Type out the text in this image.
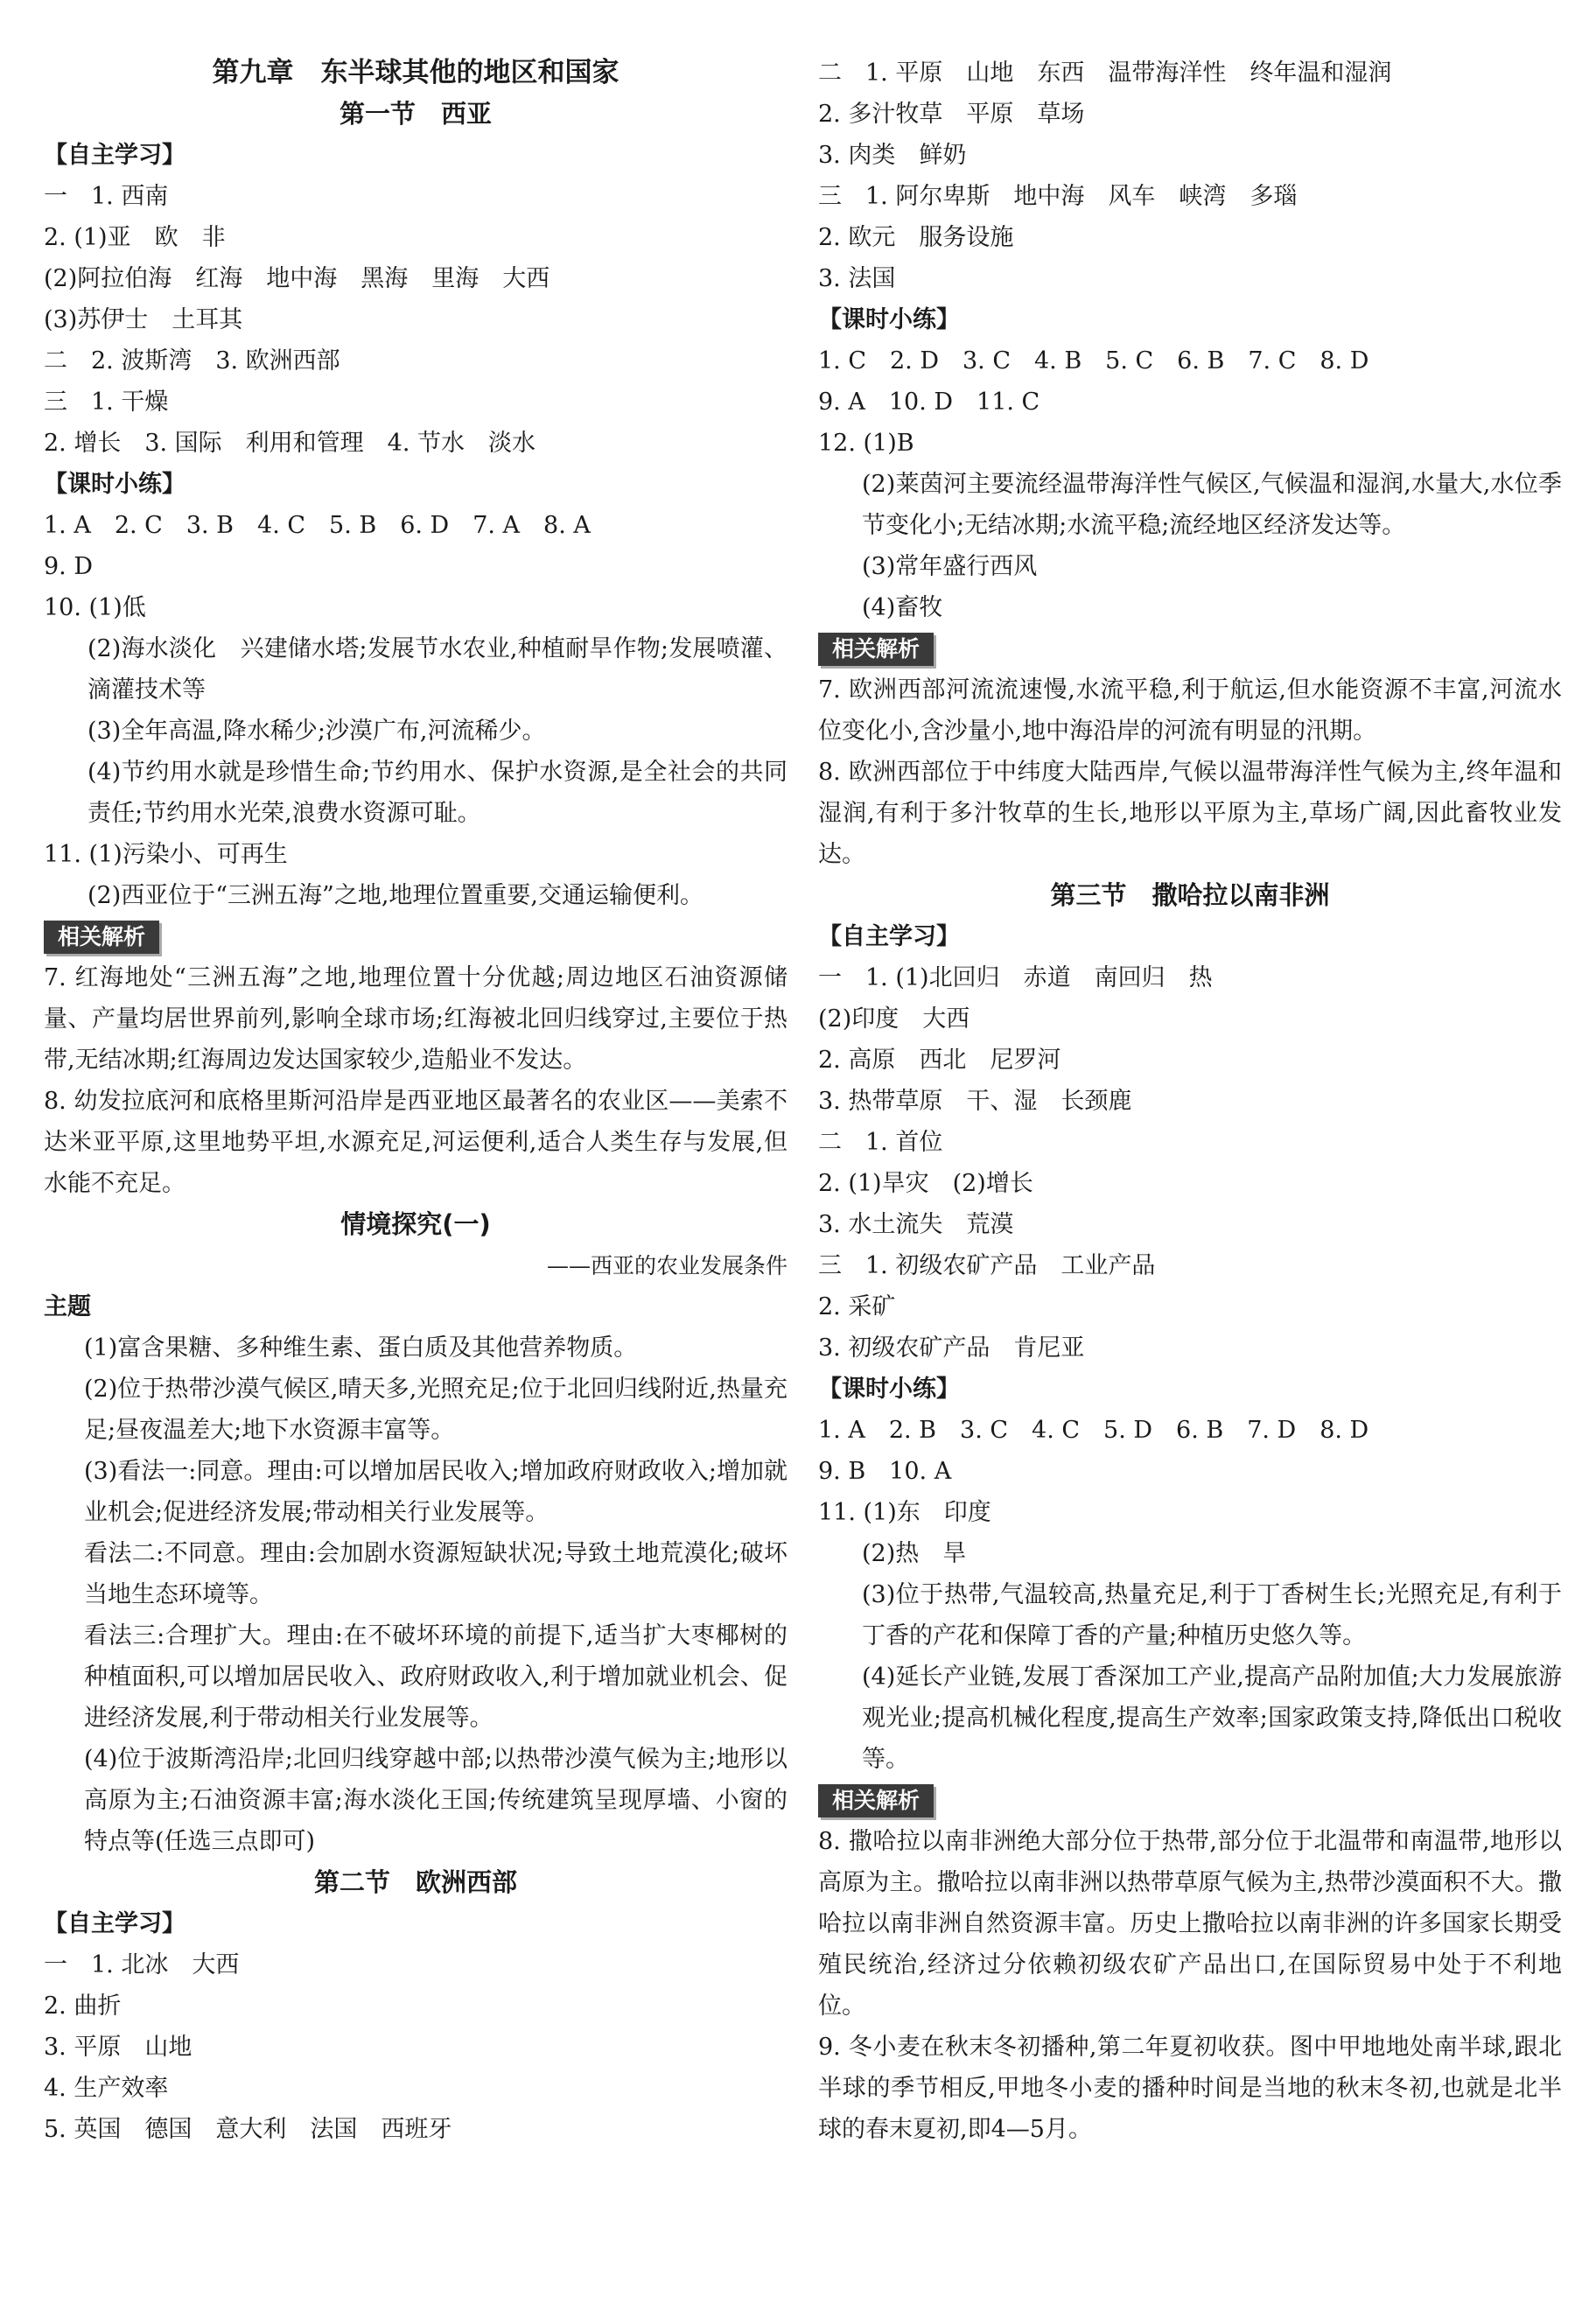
第九章　东半球其他的地区和国家
第一节　西亚
【自主学习】
一　1. 西南
2. (1)亚　欧　非
(2)阿拉伯海　红海　地中海　黑海　里海　大西
(3)苏伊士　土耳其
二　2. 波斯湾　3. 欧洲西部
三　1. 干燥
2. 增长　3. 国际　利用和管理　4. 节水　淡水
【课时小练】
1. A　2. C　3. B　4. C　5. B　6. D　7. A　8. A
9. D
10. (1)低
(2)海水淡化　兴建储水塔;发展节水农业,种植耐旱作物;发展喷灌、滴灌技术等
(3)全年高温,降水稀少;沙漠广布,河流稀少。
(4)节约用水就是珍惜生命;节约用水、保护水资源,是全社会的共同责任;节约用水光荣,浪费水资源可耻。
11. (1)污染小、可再生
(2)西亚位于“三洲五海”之地,地理位置重要,交通运输便利。
相关解析
7. 红海地处“三洲五海”之地,地理位置十分优越;周边地区石油资源储量、产量均居世界前列,影响全球市场;红海被北回归线穿过,主要位于热带,无结冰期;红海周边发达国家较少,造船业不发达。
8. 幼发拉底河和底格里斯河沿岸是西亚地区最著名的农业区——美索不达米亚平原,这里地势平坦,水源充足,河运便利,适合人类生存与发展,但水能不充足。
情境探究(一)
——西亚的农业发展条件
主题
(1)富含果糖、多种维生素、蛋白质及其他营养物质。
(2)位于热带沙漠气候区,晴天多,光照充足;位于北回归线附近,热量充足;昼夜温差大;地下水资源丰富等。
(3)看法一:同意。理由:可以增加居民收入;增加政府财政收入;增加就业机会;促进经济发展;带动相关行业发展等。
看法二:不同意。理由:会加剧水资源短缺状况;导致土地荒漠化;破坏当地生态环境等。
看法三:合理扩大。理由:在不破坏环境的前提下,适当扩大枣椰树的种植面积,可以增加居民收入、政府财政收入,利于增加就业机会、促进经济发展,利于带动相关行业发展等。
(4)位于波斯湾沿岸;北回归线穿越中部;以热带沙漠气候为主;地形以高原为主;石油资源丰富;海水淡化王国;传统建筑呈现厚墙、小窗的特点等(任选三点即可)
第二节　欧洲西部
【自主学习】
一　1. 北冰　大西
2. 曲折
3. 平原　山地
4. 生产效率
5. 英国　德国　意大利　法国　西班牙
二　1. 平原　山地　东西　温带海洋性　终年温和湿润
2. 多汁牧草　平原　草场
3. 肉类　鲜奶
三　1. 阿尔卑斯　地中海　风车　峡湾　多瑙
2. 欧元　服务设施
3. 法国
【课时小练】
1. C　2. D　3. C　4. B　5. C　6. B　7. C　8. D
9. A　10. D　11. C
12. (1)B
(2)莱茵河主要流经温带海洋性气候区,气候温和湿润,水量大,水位季节变化小;无结冰期;水流平稳;流经地区经济发达等。
(3)常年盛行西风
(4)畜牧
相关解析
7. 欧洲西部河流流速慢,水流平稳,利于航运,但水能资源不丰富,河流水位变化小,含沙量小,地中海沿岸的河流有明显的汛期。
8. 欧洲西部位于中纬度大陆西岸,气候以温带海洋性气候为主,终年温和湿润,有利于多汁牧草的生长,地形以平原为主,草场广阔,因此畜牧业发达。
第三节　撒哈拉以南非洲
【自主学习】
一　1. (1)北回归　赤道　南回归　热
(2)印度　大西
2. 高原　西北　尼罗河
3. 热带草原　干、湿　长颈鹿
二　1. 首位
2. (1)旱灾　(2)增长
3. 水土流失　荒漠
三　1. 初级农矿产品　工业产品
2. 采矿
3. 初级农矿产品　肯尼亚
【课时小练】
1. A　2. B　3. C　4. C　5. D　6. B　7. D　8. D
9. B　10. A
11. (1)东　印度
(2)热　旱
(3)位于热带,气温较高,热量充足,利于丁香树生长;光照充足,有利于丁香的产花和保障丁香的产量;种植历史悠久等。
(4)延长产业链,发展丁香深加工产业,提高产品附加值;大力发展旅游观光业;提高机械化程度,提高生产效率;国家政策支持,降低出口税收等。
相关解析
8. 撒哈拉以南非洲绝大部分位于热带,部分位于北温带和南温带,地形以高原为主。撒哈拉以南非洲以热带草原气候为主,热带沙漠面积不大。撒哈拉以南非洲自然资源丰富。历史上撒哈拉以南非洲的许多国家长期受殖民统治,经济过分依赖初级农矿产品出口,在国际贸易中处于不利地位。
9. 冬小麦在秋末冬初播种,第二年夏初收获。图中甲地地处南半球,跟北半球的季节相反,甲地冬小麦的播种时间是当地的秋末冬初,也就是北半球的春末夏初,即4—5月。
